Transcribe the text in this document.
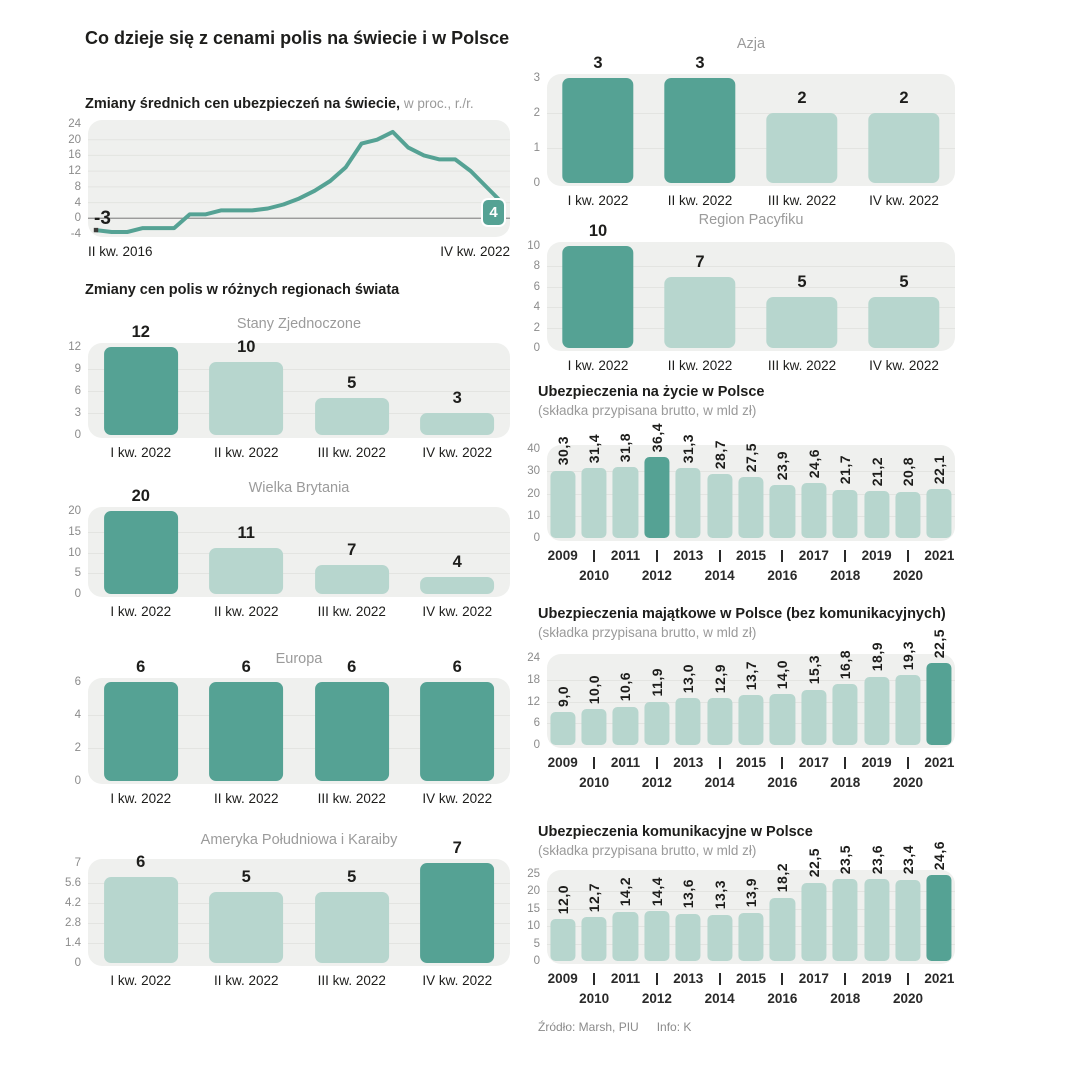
Co dzieje się z cenami polis na świecie i w Polsce
Zmiany średnich cen ubezpieczeń na świecie, w proc., r./r.
24
20
16
12
8
4
0
-4
-3	4
II kw. 2016	IV kw. 2022
Zmiany cen polis w różnych regionach świata
Stany Zjednoczone
12
9
6
3
0
12
10
5
3
I kw. 2022	II kw. 2022	III kw. 2022	IV kw. 2022
Wielka Brytania
20
15
10
5
0
20
11
7
4
I kw. 2022	II kw. 2022	III kw. 2022	IV kw. 2022
Europa
6
4
2
0
6	6	6	6
I kw. 2022	II kw. 2022	III kw. 2022	IV kw. 2022
Ameryka Południowa i Karaiby
7
5.6
4.2
2.8
1.4
0
6
5	5
7
I kw. 2022	II kw. 2022	III kw. 2022	IV kw. 2022
Azja
3
2
1
0
3	3
2	2
I kw. 2022	II kw. 2022	III kw. 2022	IV kw. 2022
Region Pacyfiku
10
8
6
4
2
0
10
7
5	5
I kw. 2022	II kw. 2022	III kw. 2022	IV kw. 2022
Ubezpieczenia na życie w Polsce
(składka przypisana brutto, w mld zł)
40
30
20
10
0
30,3 31,4 31,8 36,4 31,3 28,7 27,5 23,9 24,6 21,7 21,2 20,8 22,1
2009
2010
2011
2012
2013
2014
2015
2016
2017
2018
2019
2020
2021
Ubezpieczenia majątkowe w Polsce (bez komunikacyjnych)
(składka przypisana brutto, w mld zł)
24
18
12
6
0
9,0 10,0 10,6 11,9 13,0 12,9 13,7 14,0 15,3 16,8 18,9 19,3 22,5
2009
2010
2011
2012
2013
2014
2015
2016
2017
2018
2019
2020
2021
Ubezpieczenia komunikacyjne w Polsce
(składka przypisana brutto, w mld zł)
25
20
15
10
5
0
12,0 12,7 14,2 14,4 13,6 13,3 13,9
18,2
22,5 23,5 23,6 23,4 24,6
2009
2010
2011
2012
2013
2014
2015
2016
2017
2018
2019
2020
2021
Źródło: Marsh, PIU Info: K
